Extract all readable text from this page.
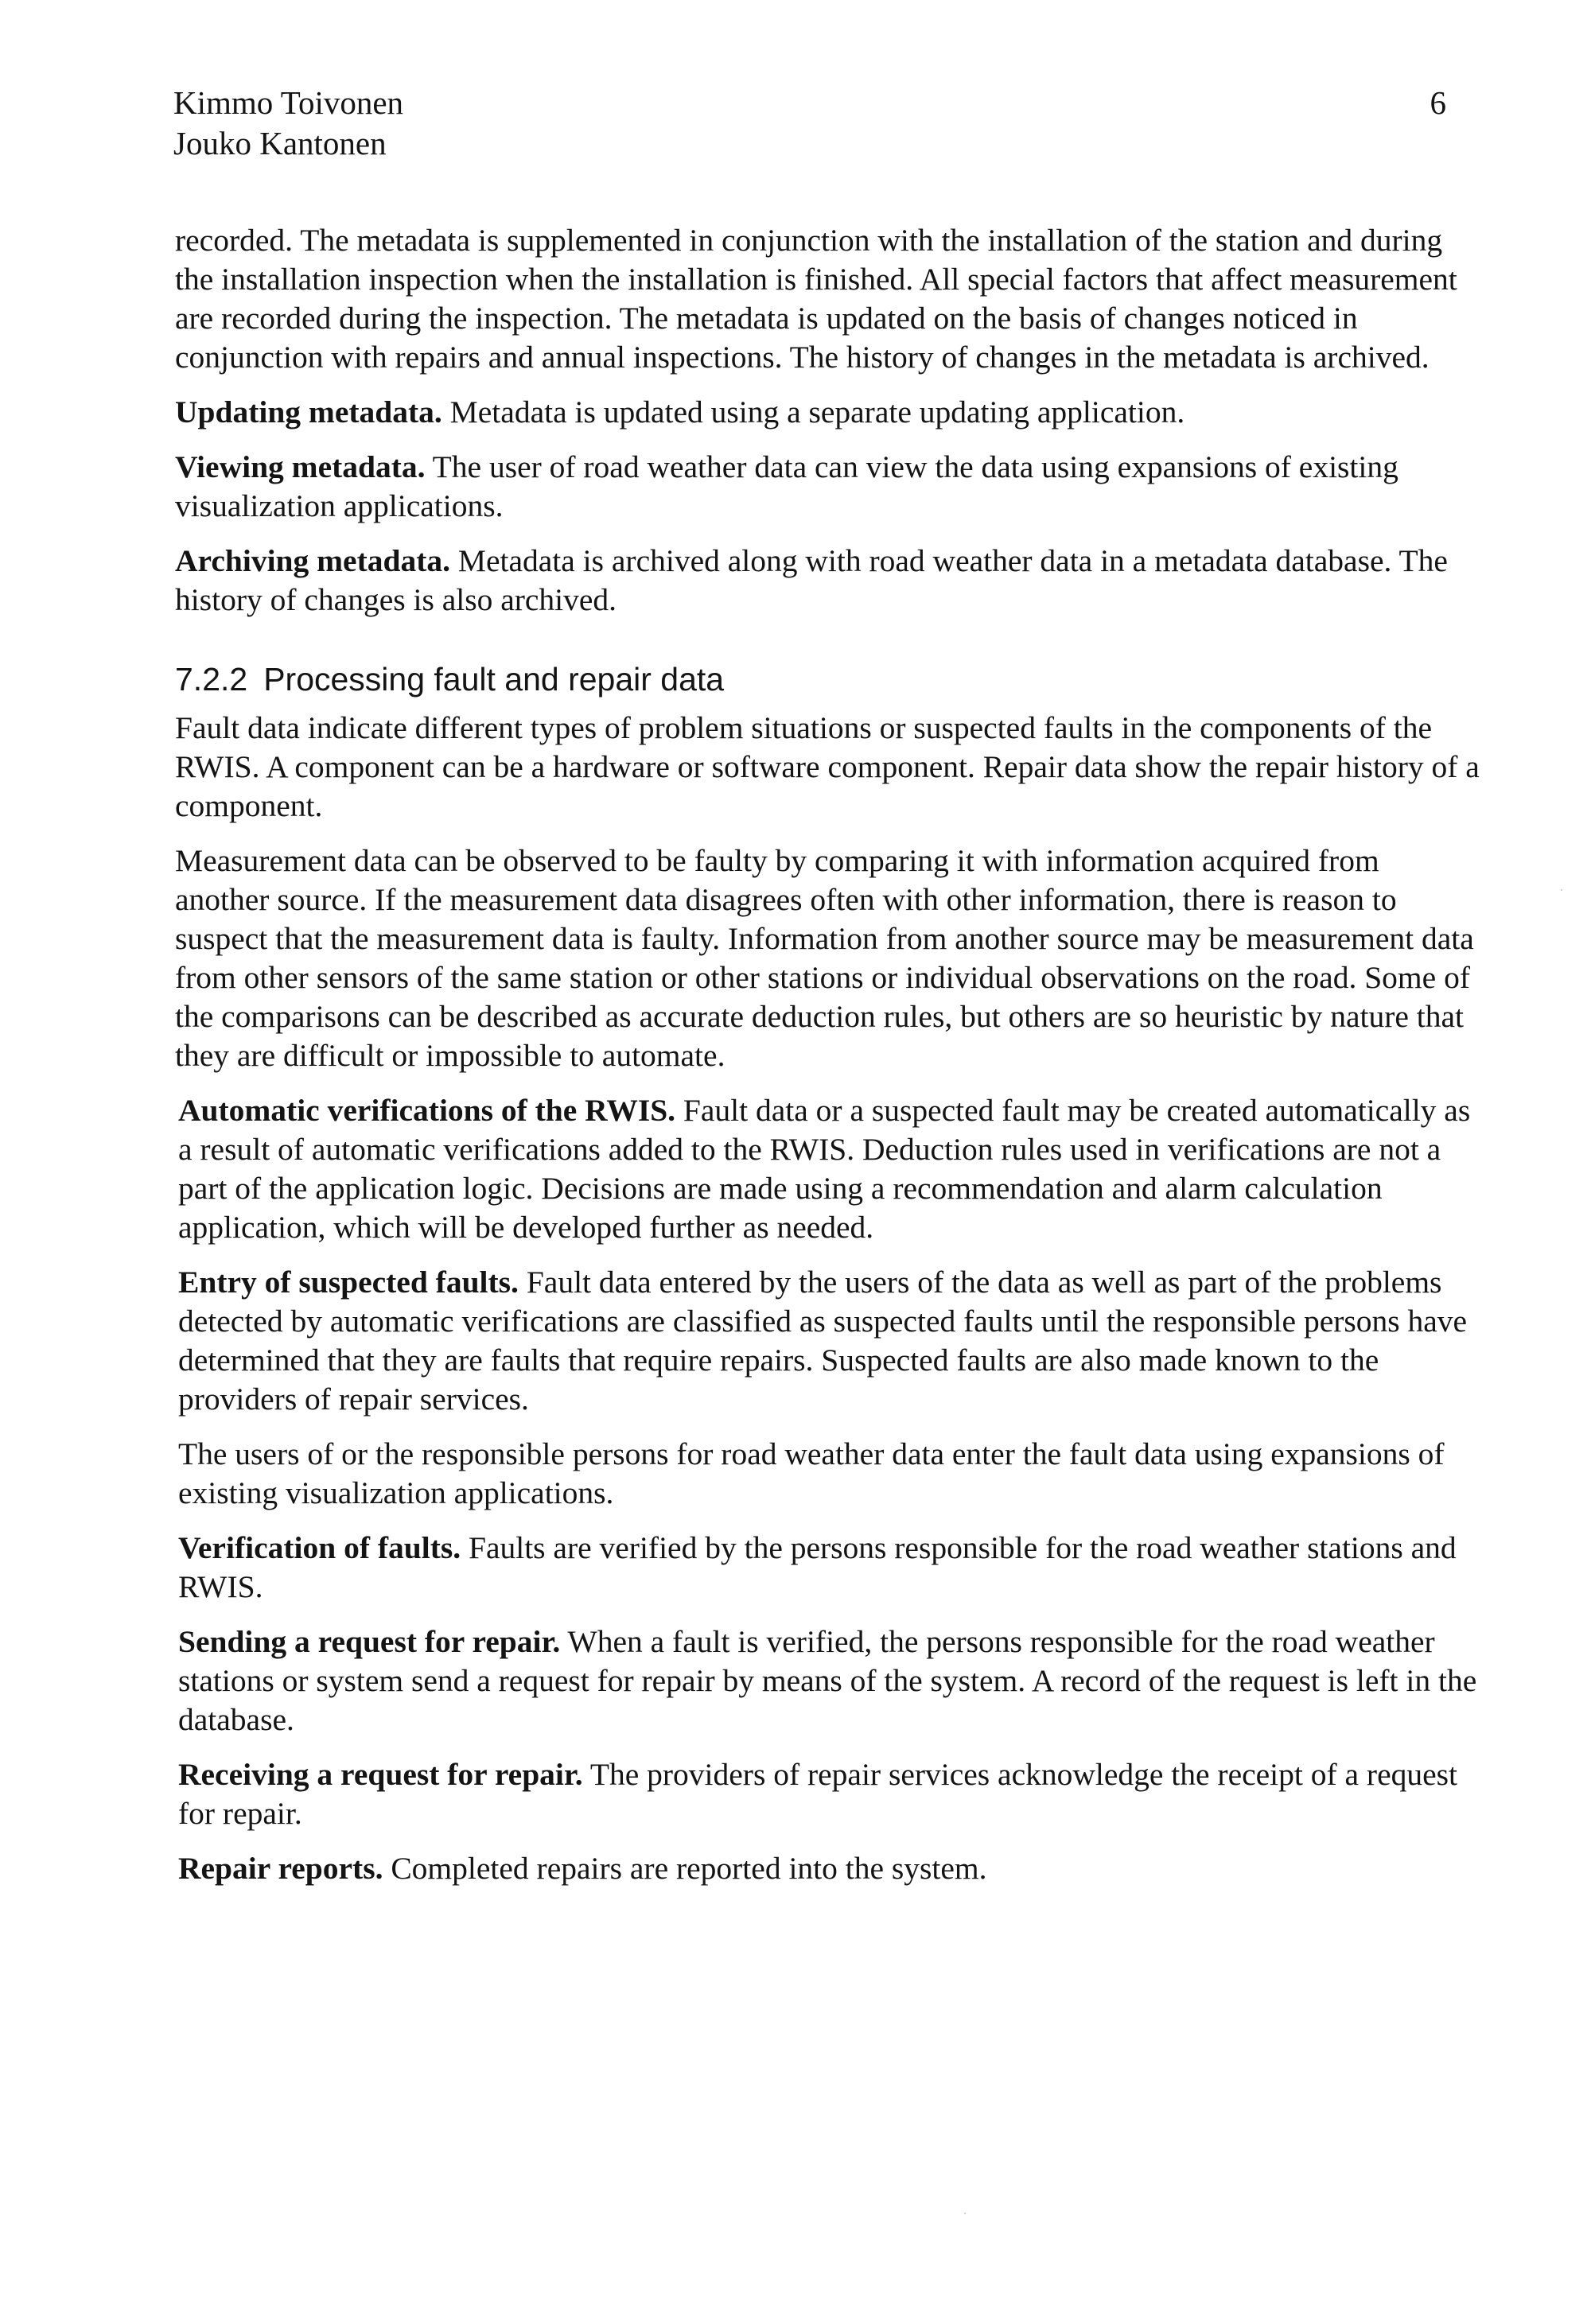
Kimmo Toivonen
Jouko Kantonen
6

recorded. The metadata is supplemented in conjunction with the installation of the station and during the installation inspection when the installation is finished. All special factors that affect measurement are recorded during the inspection. The metadata is updated on the basis of changes noticed in conjunction with repairs and annual inspections. The history of changes in the metadata is archived.

Updating metadata. Metadata is updated using a separate updating application.

Viewing metadata. The user of road weather data can view the data using expansions of existing visualization applications.

Archiving metadata. Metadata is archived along with road weather data in a metadata database. The history of changes is also archived.

7.2.2 Processing fault and repair data

Fault data indicate different types of problem situations or suspected faults in the components of the RWIS. A component can be a hardware or software component. Repair data show the repair history of a component.

Measurement data can be observed to be faulty by comparing it with information acquired from another source. If the measurement data disagrees often with other information, there is reason to suspect that the measurement data is faulty. Information from another source may be measurement data from other sensors of the same station or other stations or individual observations on the road. Some of the comparisons can be described as accurate deduction rules, but others are so heuristic by nature that they are difficult or impossible to automate.

Automatic verifications of the RWIS. Fault data or a suspected fault may be created automatically as a result of automatic verifications added to the RWIS. Deduction rules used in verifications are not a part of the application logic. Decisions are made using a recommendation and alarm calculation application, which will be developed further as needed.

Entry of suspected faults. Fault data entered by the users of the data as well as part of the problems detected by automatic verifications are classified as suspected faults until the responsible persons have determined that they are faults that require repairs. Suspected faults are also made known to the providers of repair services.

The users of or the responsible persons for road weather data enter the fault data using expansions of existing visualization applications.

Verification of faults. Faults are verified by the persons responsible for the road weather stations and RWIS.

Sending a request for repair. When a fault is verified, the persons responsible for the road weather stations or system send a request for repair by means of the system. A record of the request is left in the database.

Receiving a request for repair. The providers of repair services acknowledge the receipt of a request for repair.

Repair reports. Completed repairs are reported into the system.
